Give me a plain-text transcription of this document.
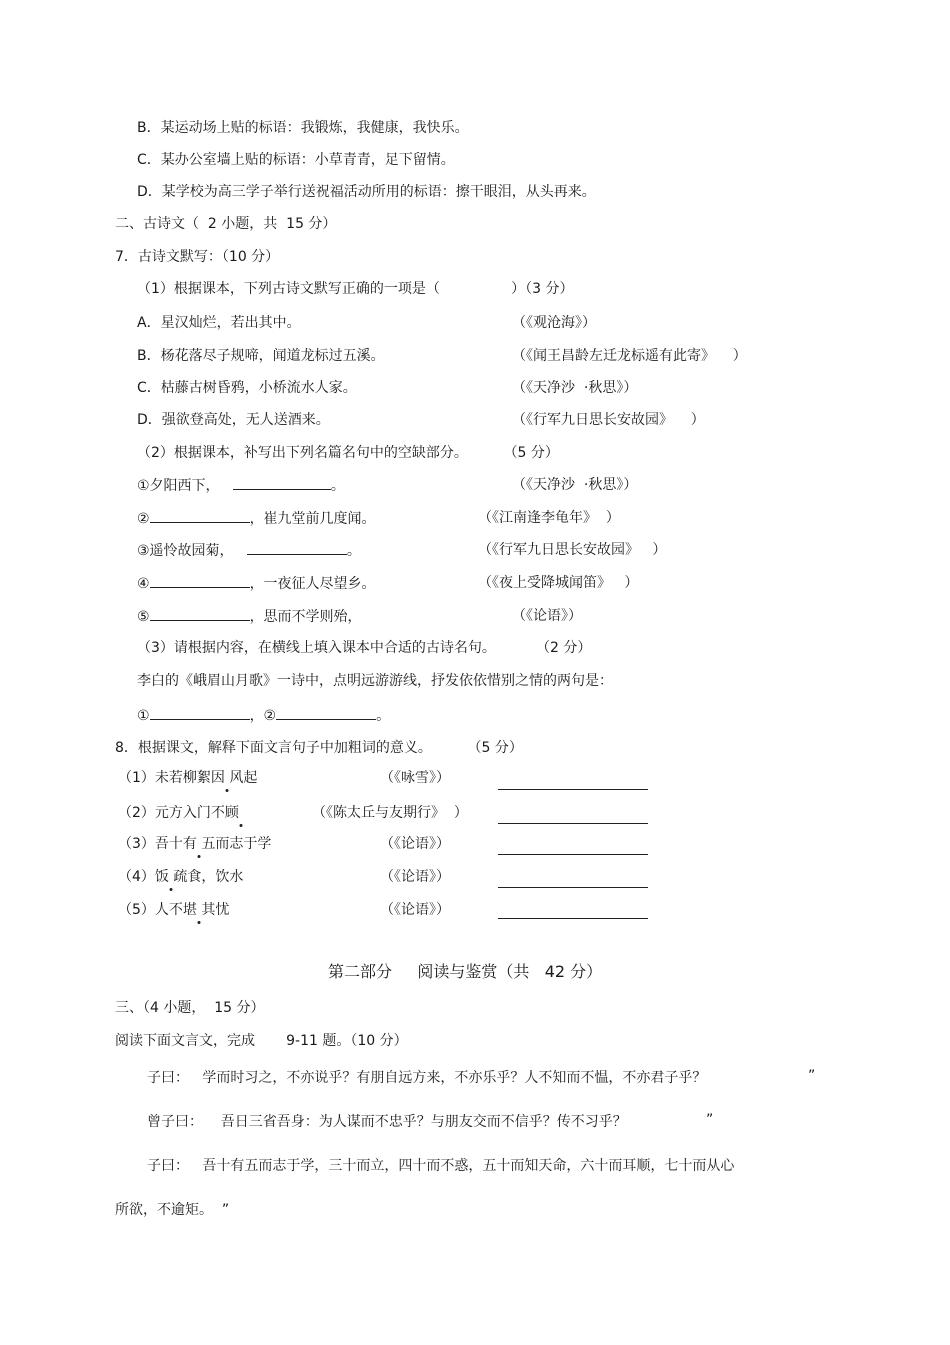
B．某运动场上贴的标语：我锻炼，我健康，我快乐。
C．某办公室墙上贴的标语：小草青青，足下留情。
D．某学校为高三学子举行送祝福活动所用的标语：擦干眼泪，从头再来。
二、古诗文（  2 小题，共  15 分）
7．古诗文默写：（10 分）
（1）根据课本，下列古诗文默写正确的一项是（                ）（3 分）
A．星汉灿烂，若出其中。	（《观沧海》）
B．杨花落尽子规啼，闻道龙标过五溪。	（《闻王昌龄左迁龙标遥有此寄》    ）
C．枯藤古树昏鸦，小桥流水人家。	（《天净沙  ·秋思》）
D．强欲登高处，无人送酒来。	（《行军九日思长安故园》    ）
（2）根据课本，补写出下列名篇名句中的空缺部分。        （5 分）
①夕阳西下，	。	（《天净沙  ·秋思》）
②	，崔九堂前几度闻。	（《江南逢李龟年》  ）
③遥怜故园菊，	。	（《行军九日思长安故园》   ）
④	，一夜征人尽望乡。	（《夜上受降城闻笛》   ）
⑤	，思而不学则殆，	（《论语》）
（3）请根据内容，在横线上填入课本中合适的古诗名句。         （2 分）
李白的《峨眉山月歌》一诗中，点明远游游线，抒发依依惜别之情的两句是：
①	，②	。
8．根据课文，解释下面文言句子中加粗词的意义。        （5 分）
（1）未若柳絮因 风起	（《咏雪》）
（2）元方入门不顾	（《陈太丘与友期行》  ）
（3）吾十有 五而志于学	（《论语》）
（4）饭 疏食，饮水	（《论语》）
（5）人不堪 其忧	（《论语》）
第二部分     阅读与鉴赏（共   42 分）
三、（4 小题，  15 分）
阅读下面文言文，完成       9-11 题。（10 分）
子曰：   学而时习之，不亦说乎？有朋自远方来，不亦乐乎？人不知而不愠，不亦君子乎？	”
曾子曰：    吾日三省吾身：为人谋而不忠乎？与朋友交而不信乎？传不习乎？	”
子曰：   吾十有五而志于学，三十而立，四十而不惑，五十而知天命，六十而耳顺，七十而从心
所欲，不逾矩。  ”
